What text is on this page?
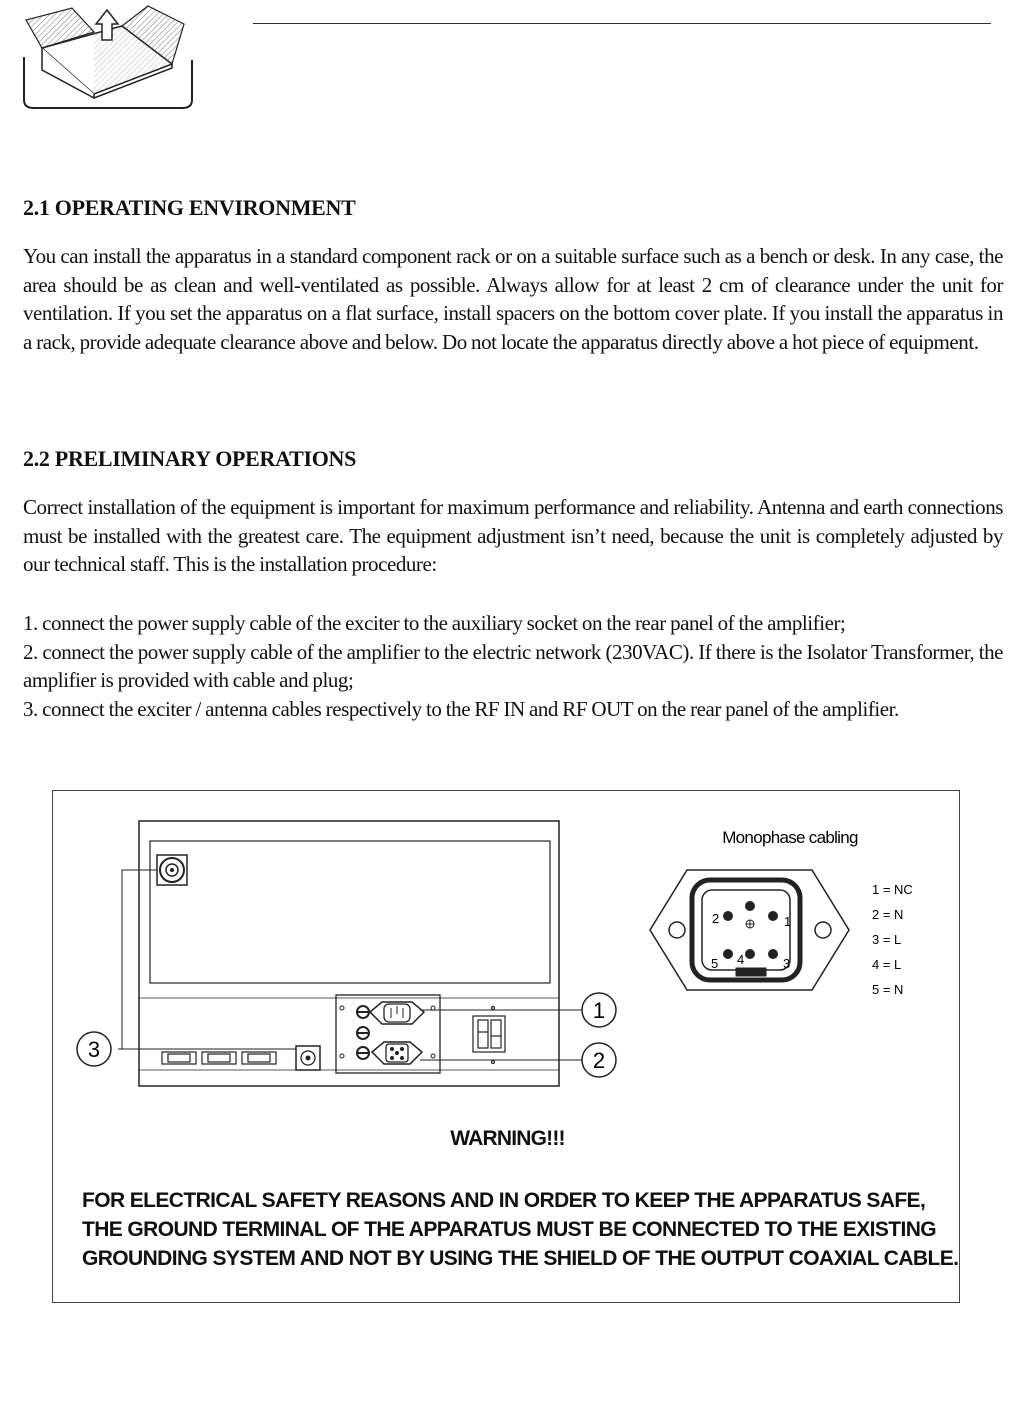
2.1 OPERATING ENVIRONMENT

You can install the apparatus in a standard component rack or on a suitable surface such as a bench or desk. In any case, the area should be as clean and well-ventilated as possible. Always allow for at least 2 cm of clearance under the unit for ventilation. If you set the apparatus on a flat surface, install spacers on the bottom cover plate. If you install the apparatus in a rack, provide adequate clearance above and below. Do not locate the apparatus directly above a hot piece of equipment.

2.2 PRELIMINARY OPERATIONS

Correct installation of the equipment is important for maximum performance and reliability. Antenna and earth connections must be installed with the greatest care. The equipment adjustment isn’t need, because the unit is completely adjusted by our technical staff. This is the installation procedure:

1. connect the power supply cable of the exciter to the auxiliary socket on the rear panel of the amplifier;

2. connect the power supply cable of the amplifier to the electric network (230VAC). If there is the Isolator Transformer, the amplifier is provided with cable and plug;

3. connect the exciter / antenna cables respectively to the RF IN and RF OUT on the rear panel of the amplifier.

1
2
3
Monophase cabling
2	1
5 4	3
1 = NC
2 = N
3 = L
4 = L
5 = N

WARNING!!!

FOR ELECTRICAL SAFETY REASONS AND IN ORDER TO KEEP THE APPARATUS SAFE,
THE GROUND TERMINAL OF THE APPARATUS MUST BE CONNECTED TO THE EXISTING
GROUNDING SYSTEM AND NOT BY USING THE SHIELD OF THE OUTPUT COAXIAL CABLE.
